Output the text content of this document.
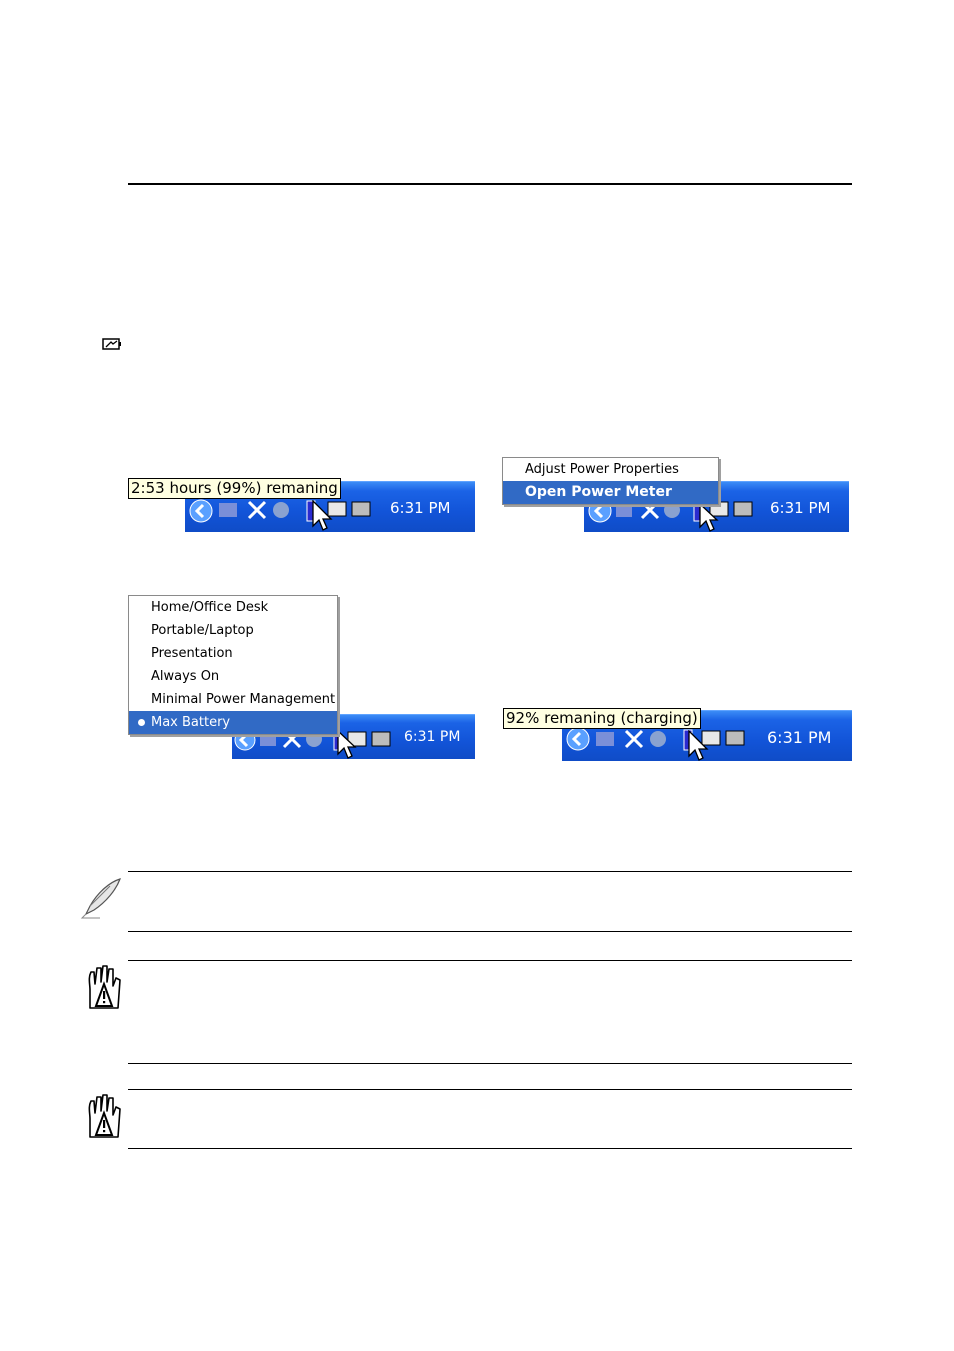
6:31 PM
2:53 hours (99%) remaning
6:31 PM
Adjust Power Properties
Open Power Meter
6:31 PM
Home/Office Desk
Portable/Laptop
Presentation
Always On
Minimal Power Management
Max Battery
6:31 PM
92% remaning (charging)
